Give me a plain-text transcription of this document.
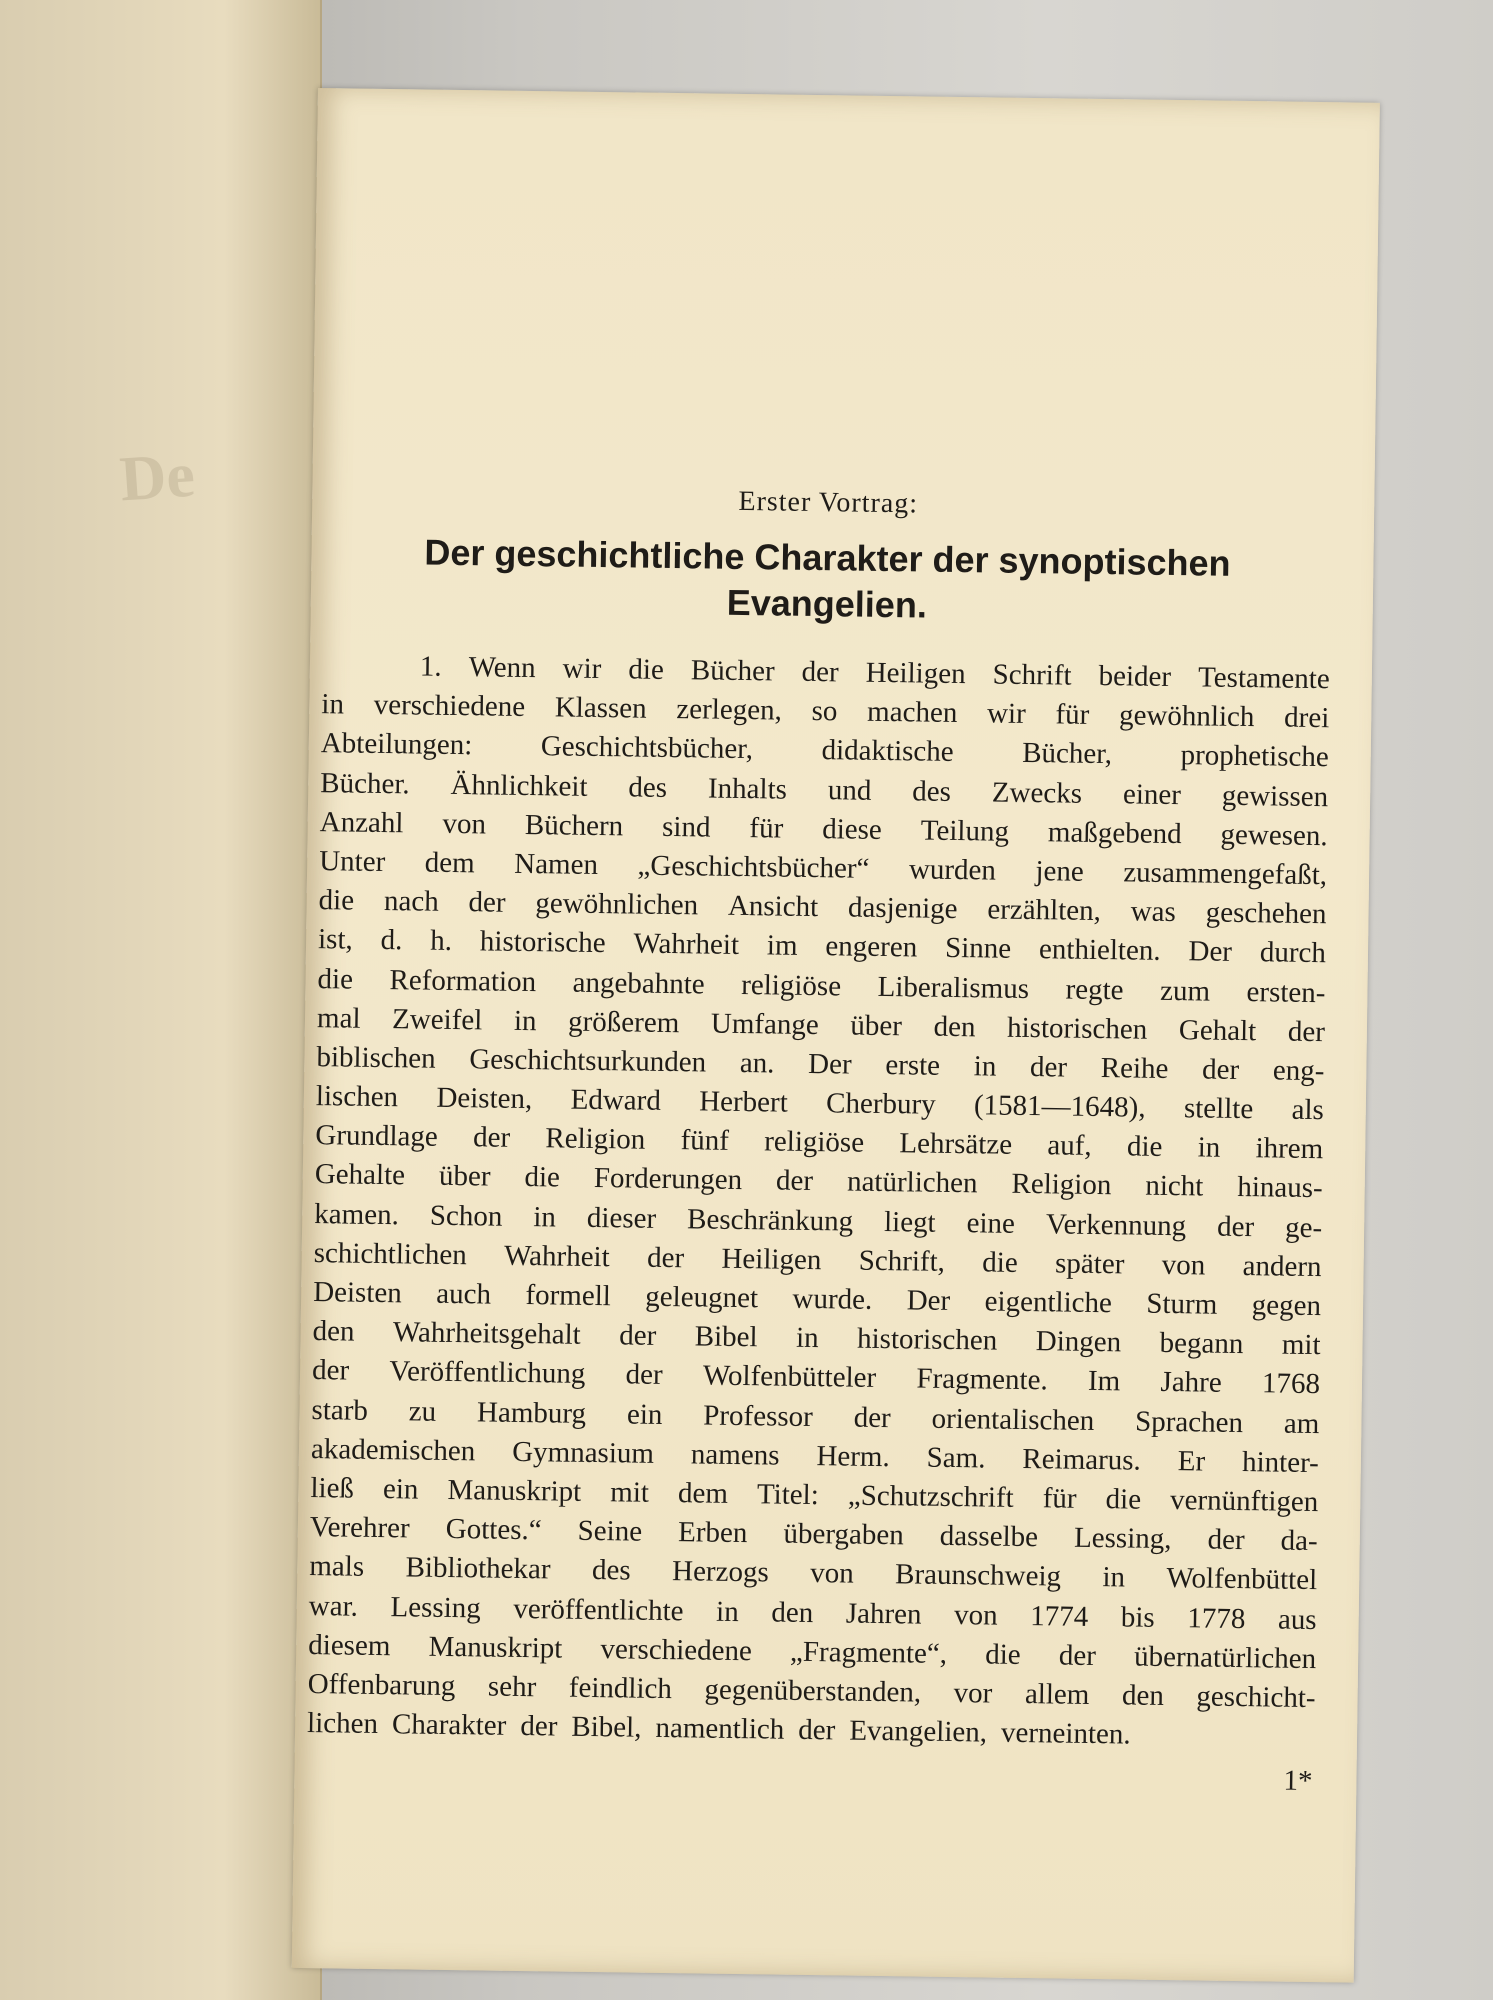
De	Erster Vortrag:
Der geschichtliche Charakter der synoptischen
Evangelien.
1. Wenn wir die Bücher der Heiligen Schrift beider Testamente
in verschiedene Klassen zerlegen, so machen wir für gewöhnlich drei
Abteilungen: Geschichtsbücher, didaktische Bücher, prophetische
Bücher. Ähnlichkeit des Inhalts und des Zwecks einer gewissen
Anzahl von Büchern sind für diese Teilung maßgebend gewesen.
Unter dem Namen „Geschichtsbücher“ wurden jene zusammengefaßt,
die nach der gewöhnlichen Ansicht dasjenige erzählten, was geschehen
ist, d. h. historische Wahrheit im engeren Sinne enthielten. Der durch
die Reformation angebahnte religiöse Liberalismus regte zum ersten-
mal Zweifel in größerem Umfange über den historischen Gehalt der
biblischen Geschichtsurkunden an. Der erste in der Reihe der eng-
lischen Deisten, Edward Herbert Cherbury (1581—1648), stellte als
Grundlage der Religion fünf religiöse Lehrsätze auf, die in ihrem
Gehalte über die Forderungen der natürlichen Religion nicht hinaus-
kamen. Schon in dieser Beschränkung liegt eine Verkennung der ge-
schichtlichen Wahrheit der Heiligen Schrift, die später von andern
Deisten auch formell geleugnet wurde. Der eigentliche Sturm gegen
den Wahrheitsgehalt der Bibel in historischen Dingen begann mit
der Veröffentlichung der Wolfenbütteler Fragmente. Im Jahre 1768
starb zu Hamburg ein Professor der orientalischen Sprachen am
akademischen Gymnasium namens Herm. Sam. Reimarus. Er hinter-
ließ ein Manuskript mit dem Titel: „Schutzschrift für die vernünftigen
Verehrer Gottes.“ Seine Erben übergaben dasselbe Lessing, der da-
mals Bibliothekar des Herzogs von Braunschweig in Wolfenbüttel
war. Lessing veröffentlichte in den Jahren von 1774 bis 1778 aus
diesem Manuskript verschiedene „Fragmente“, die der übernatürlichen
Offenbarung sehr feindlich gegenüberstanden, vor allem den geschicht-
lichen Charakter der Bibel, namentlich der Evangelien, verneinten.
1*
